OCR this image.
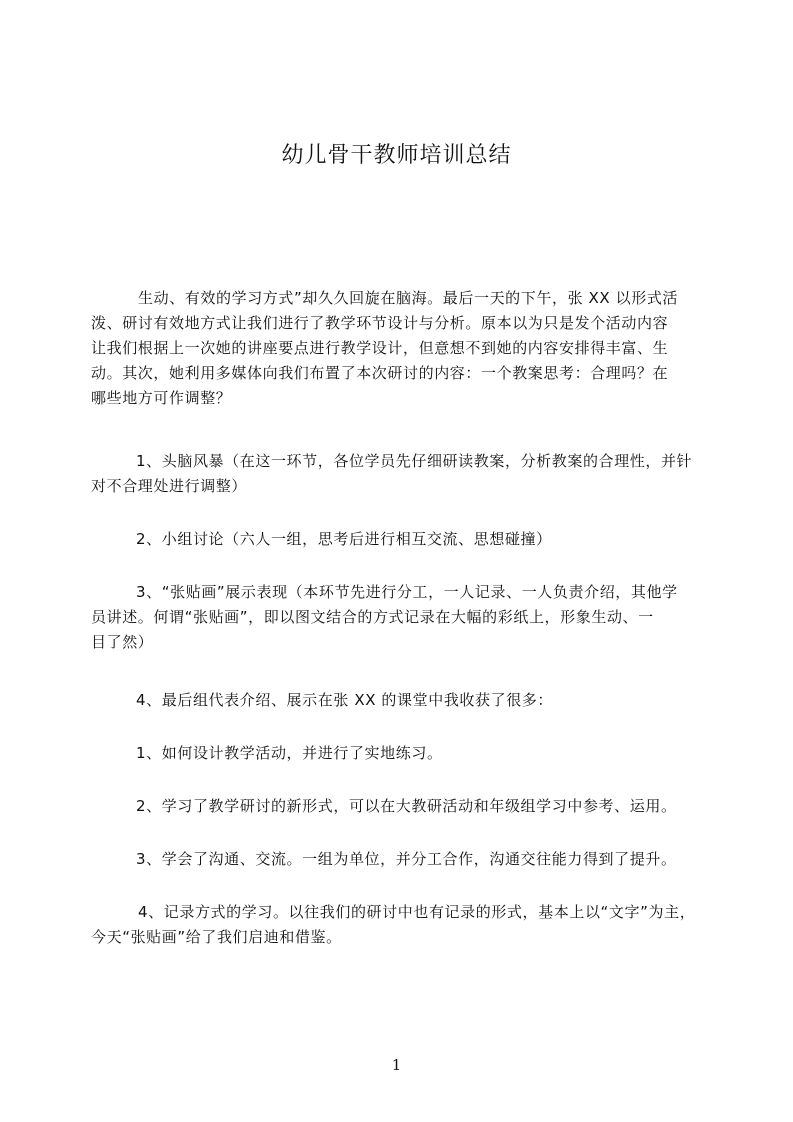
幼儿骨干教师培训总结

生动、有效的学习方式”却久久回旋在脑海。最后一天的下午，张 XX 以形式活
泼、研讨有效地方式让我们进行了教学环节设计与分析。原本以为只是发个活动内容
让我们根据上一次她的讲座要点进行教学设计，但意想不到她的内容安排得丰富、生
动。其次，她利用多媒体向我们布置了本次研讨的内容：一个教案思考：合理吗？在
哪些地方可作调整？

1、头脑风暴（在这一环节，各位学员先仔细研读教案，分析教案的合理性，并针
对不合理处进行调整）

2、小组讨论（六人一组，思考后进行相互交流、思想碰撞）

3、“张贴画”展示表现（本环节先进行分工，一人记录、一人负责介绍，其他学
员讲述。何谓“张贴画”，即以图文结合的方式记录在大幅的彩纸上，形象生动、一
目了然）

4、最后组代表介绍、展示在张 XX 的课堂中我收获了很多：

1、如何设计教学活动，并进行了实地练习。

2、学习了教学研讨的新形式，可以在大教研活动和年级组学习中参考、运用。

3、学会了沟通、交流。一组为单位，并分工合作，沟通交往能力得到了提升。

4、记录方式的学习。以往我们的研讨中也有记录的形式，基本上以“文字”为主，
今天“张贴画”给了我们启迪和借鉴。

1
